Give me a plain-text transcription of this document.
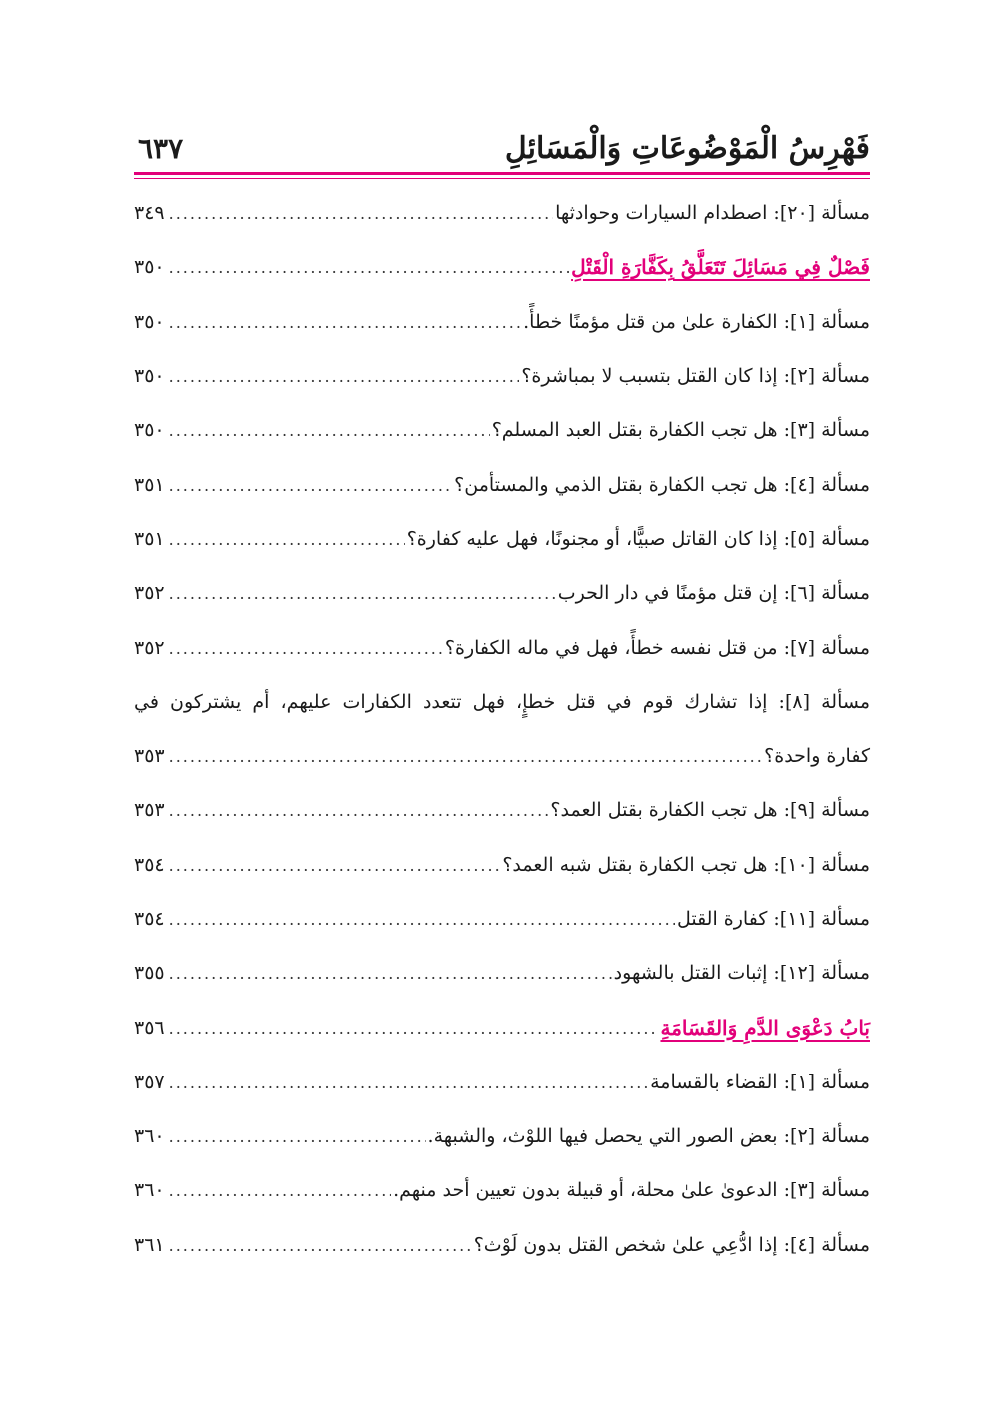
فَهْرِسُ الْمَوْضُوعَاتِ وَالْمَسَائِلِ
٦٣٧
مسألة [٢٠]: اصطدام السيارات وحوادثها
.....
٣٤٩
فَصْلٌ فِي مَسَائِلَ تَتَعَلَّقُ بِكَفَّارَةِ الْقَتْلِ
.....
٣٥٠
مسألة [١]: الكفارة علىٰ من قتل مؤمنًا خطأً.
.....
٣٥٠
مسألة [٢]: إذا كان القتل بتسبب لا بمباشرة؟
.....
٣٥٠
مسألة [٣]: هل تجب الكفارة بقتل العبد المسلم؟
.....
٣٥٠
مسألة [٤]: هل تجب الكفارة بقتل الذمي والمستأمن؟
.....
٣٥١
مسألة [٥]: إذا كان القاتل صبيًّا، أو مجنونًا، فهل عليه كفارة؟
.....
٣٥١
مسألة [٦]: إن قتل مؤمنًا في دار الحرب
.....
٣٥٢
مسألة [٧]: من قتل نفسه خطأً، فهل في ماله الكفارة؟
.....
٣٥٢
مسألة [٨]: إذا تشارك قوم في قتل خطإٍ، فهل تتعدد الكفارات عليهم، أم يشتركون في
كفارة واحدة؟
.....
٣٥٣
مسألة [٩]: هل تجب الكفارة بقتل العمد؟
.....
٣٥٣
مسألة [١٠]: هل تجب الكفارة بقتل شبه العمد؟
.....
٣٥٤
مسألة [١١]: كفارة القتل
.....
٣٥٤
مسألة [١٢]: إثبات القتل بالشهود
.....
٣٥٥
بَابُ دَعْوَى الدَّمِ وَالقَسَامَةِ
.....
٣٥٦
مسألة [١]: القضاء بالقسامة
.....
٣٥٧
مسألة [٢]: بعض الصور التي يحصل فيها اللوْث، والشبهة.
.....
٣٦٠
مسألة [٣]: الدعوىٰ علىٰ محلة، أو قبيلة بدون تعيين أحد منهم.
.....
٣٦٠
مسألة [٤]: إذا ادُّعِي علىٰ شخص القتل بدون لَوْث؟
.....
٣٦١
